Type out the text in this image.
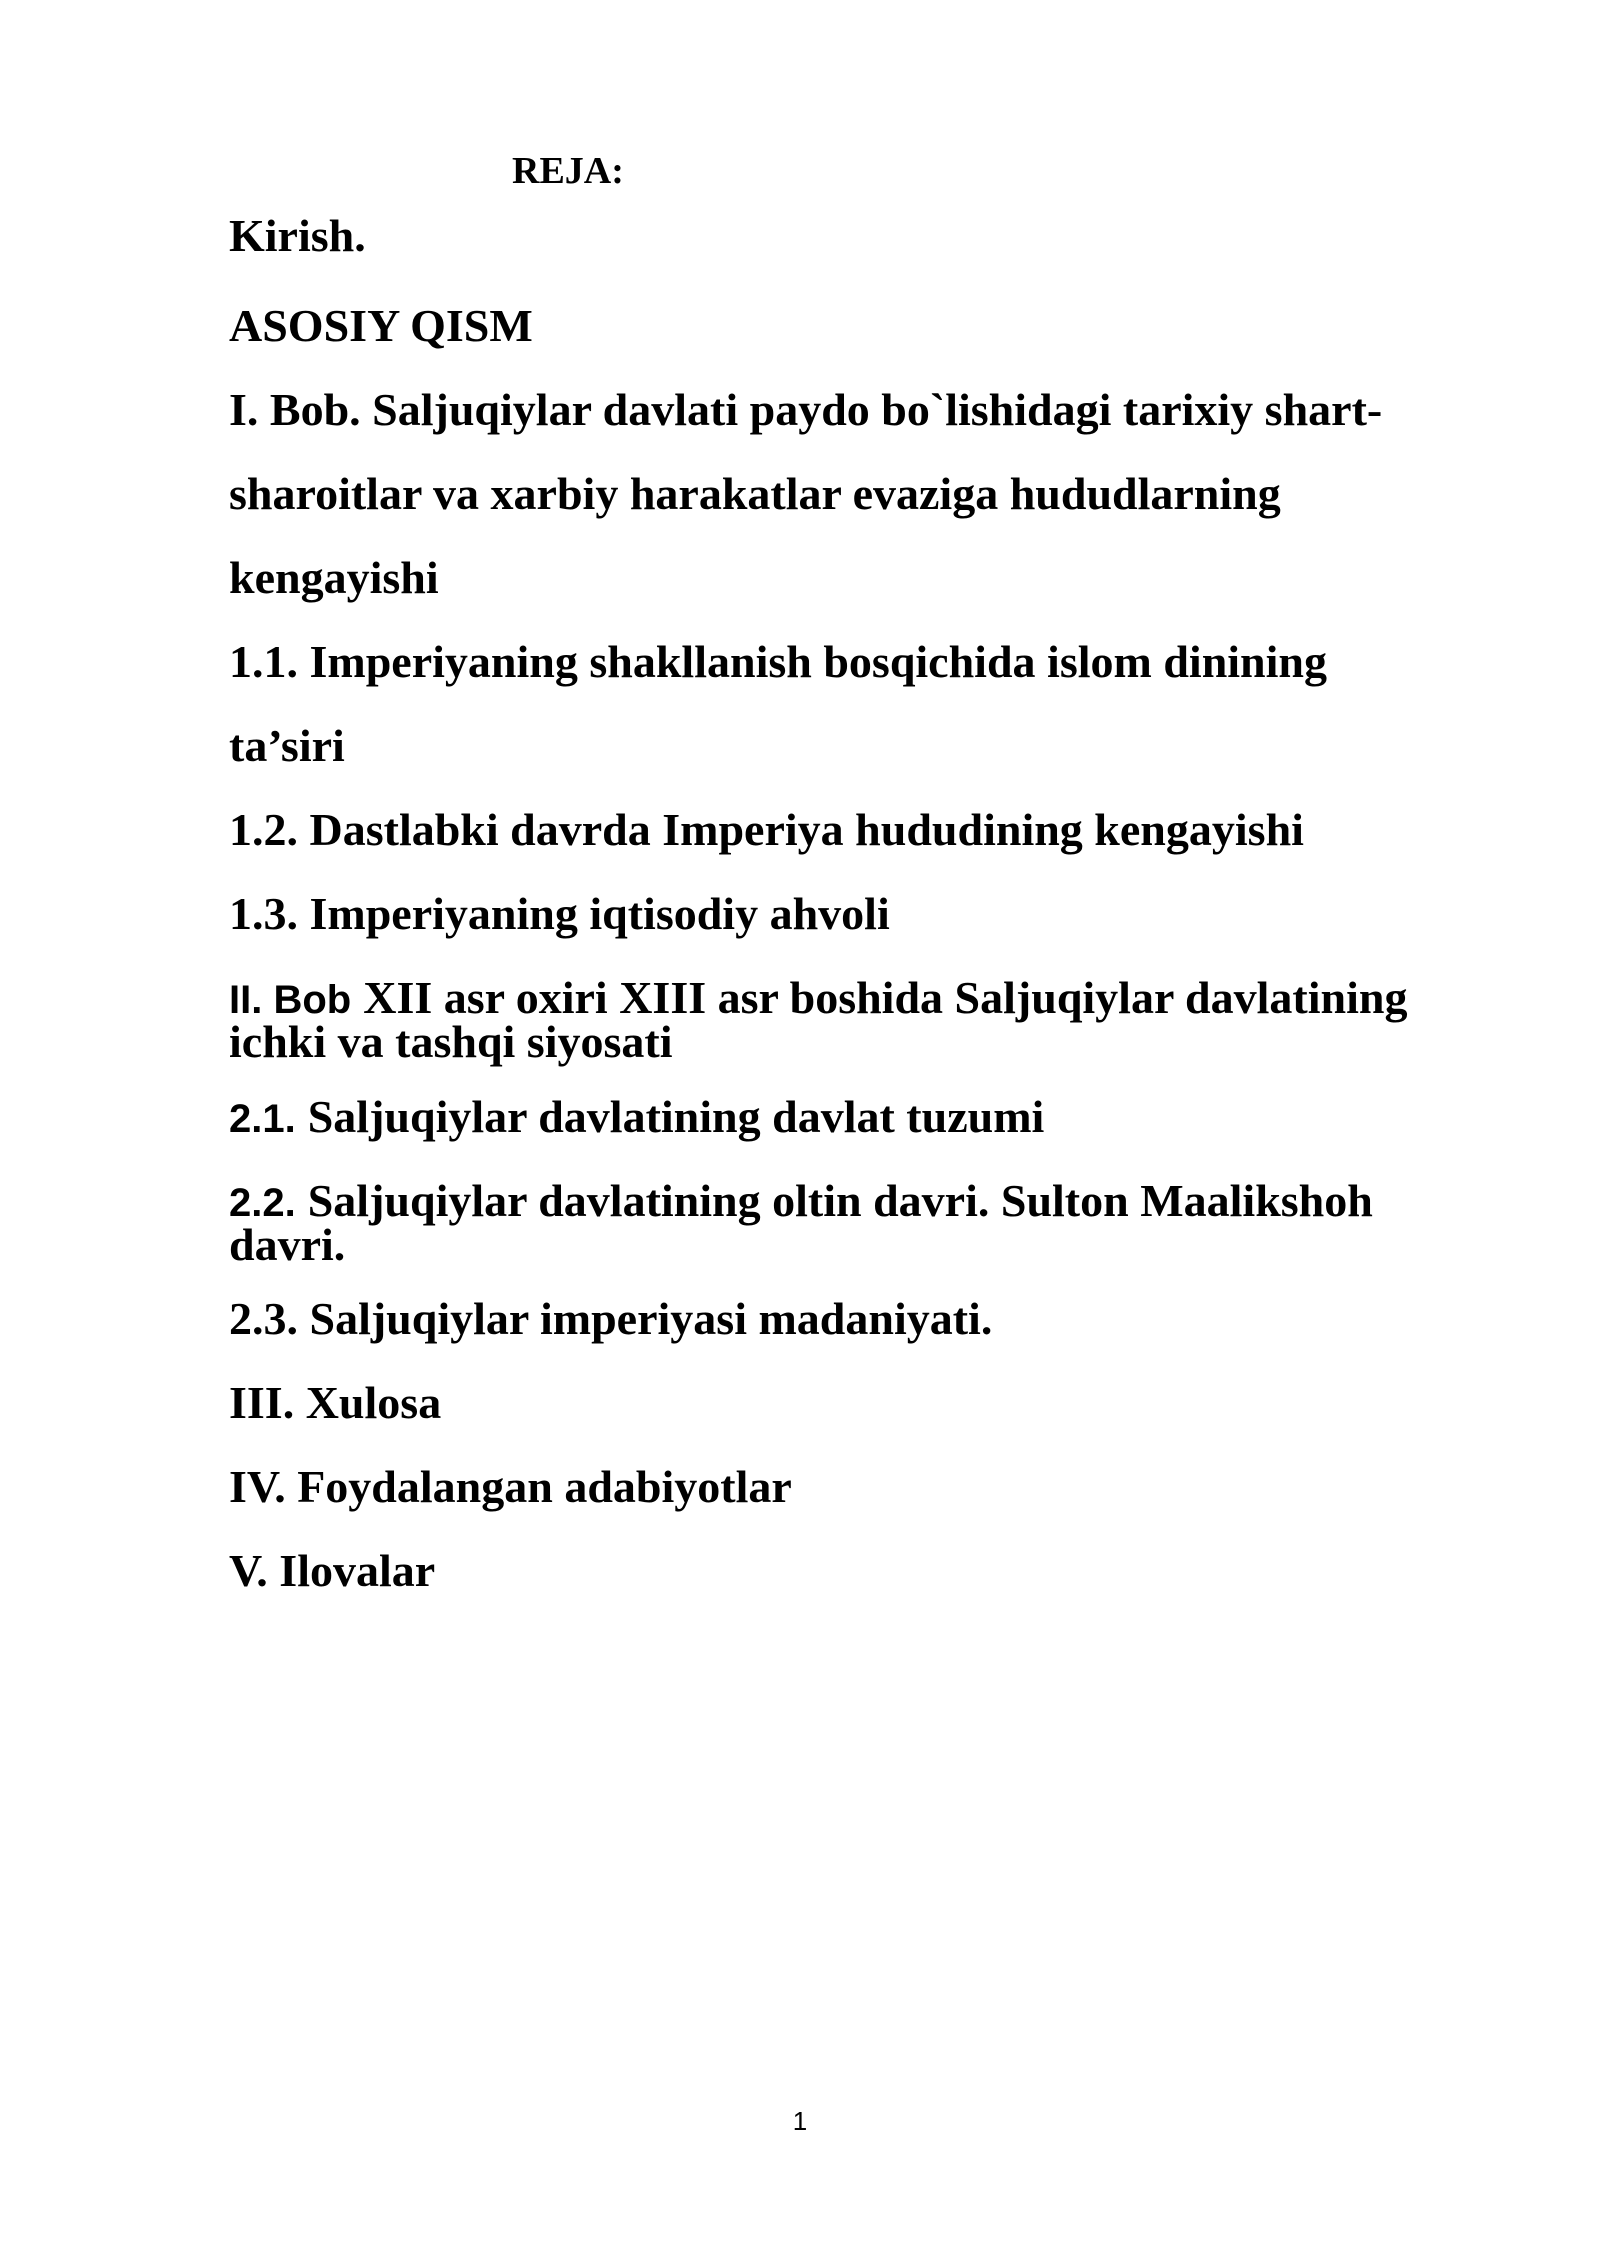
REJA:
Kirish.
ASOSIY QISM
I. Bob. Saljuqiylar davlati paydo bo`lishidagi tarixiy shart-
sharoitlar va xarbiy harakatlar evaziga hududlarning
kengayishi
1.1. Imperiyaning shakllanish bosqichida islom dinining
ta’siri
1.2. Dastlabki davrda Imperiya hududining kengayishi
1.3. Imperiyaning iqtisodiy ahvoli
II. Bob XII asr oxiri XIII asr boshida Saljuqiylar davlatining
ichki va tashqi siyosati
2.1. Saljuqiylar davlatining davlat tuzumi
2.2. Saljuqiylar davlatining oltin davri. Sulton Maalikshoh
davri.
2.3. Saljuqiylar imperiyasi madaniyati.
III. Xulosa
IV. Foydalangan adabiyotlar
V. Ilovalar
1
